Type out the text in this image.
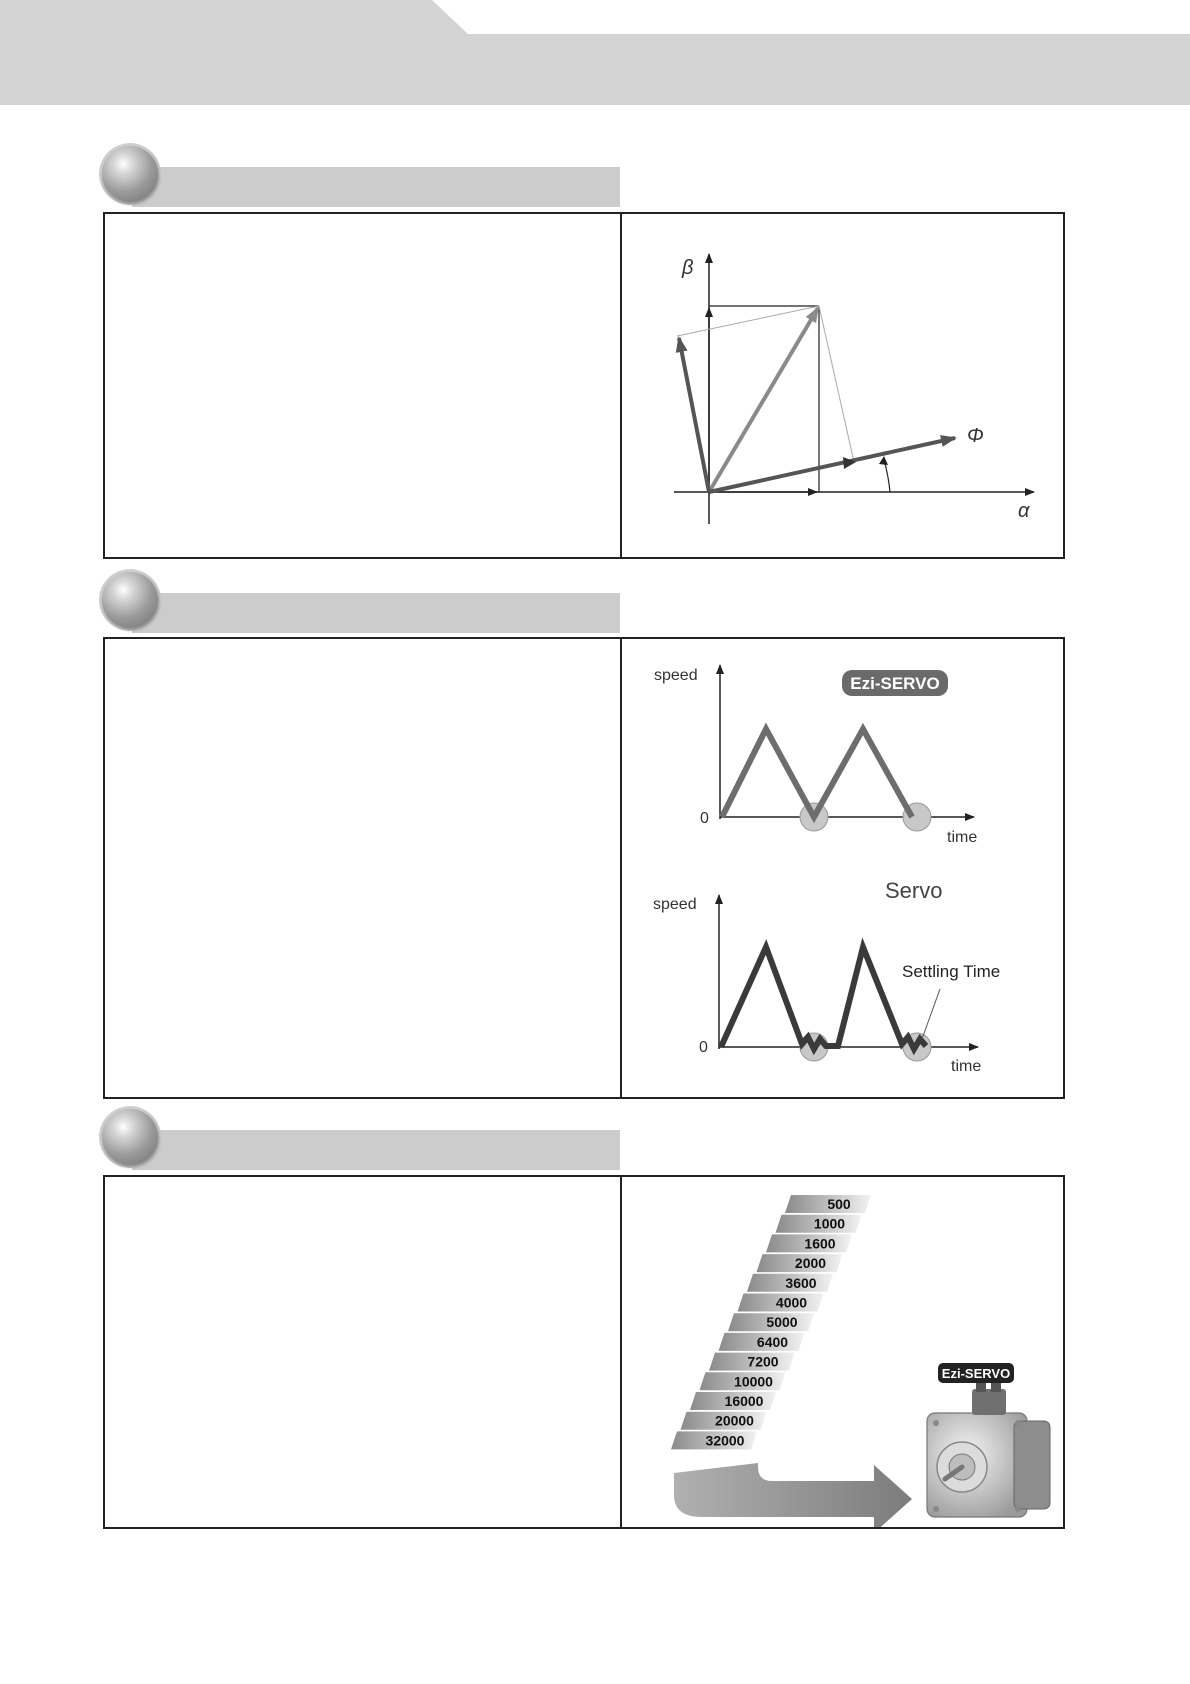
β
Φ
α
speed
0
time
Ezi-SERVO
speed
0
time
Servo
Settling Time
500
1000
1600
2000
3600
4000
5000
6400
7200
10000
16000
20000
32000
Ezi-SERVO
